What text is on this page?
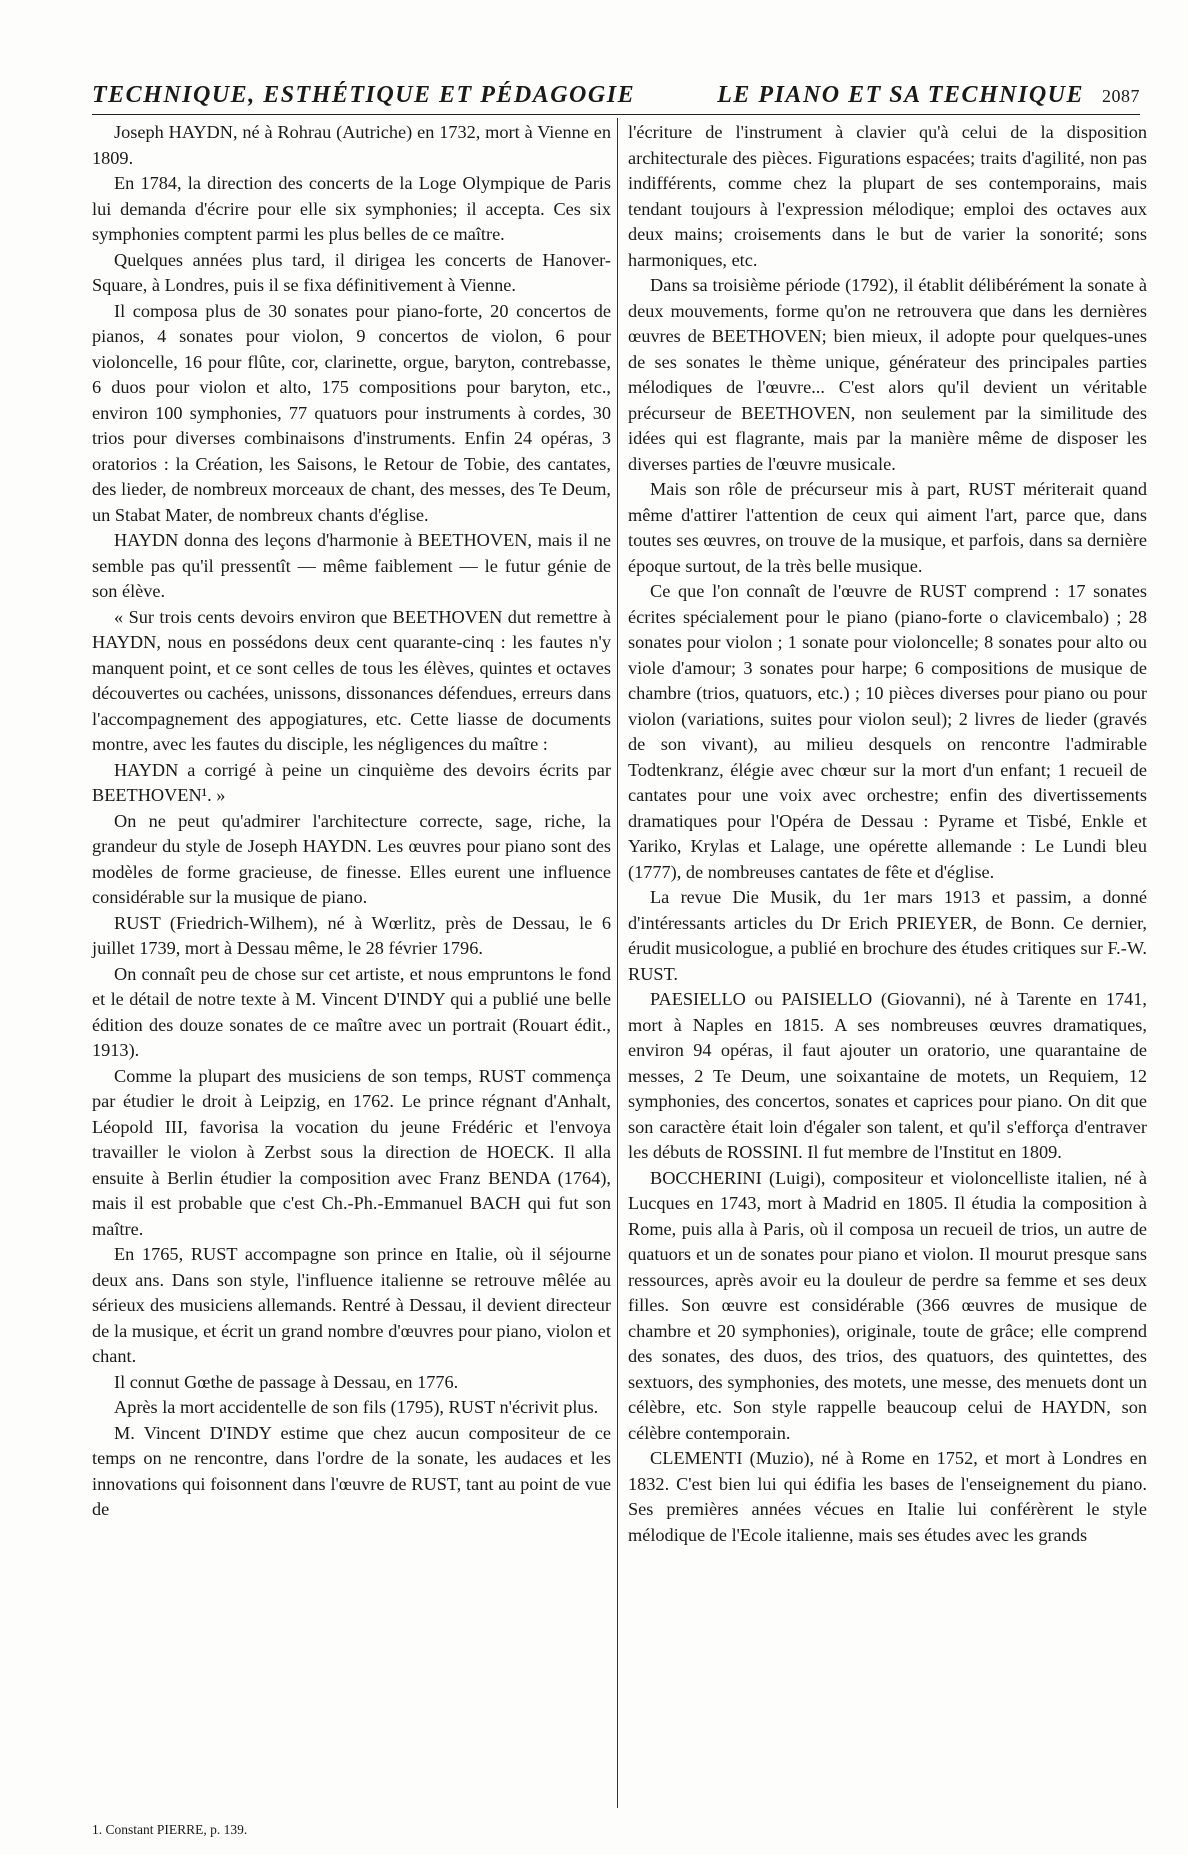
TECHNIQUE, ESTHÉTIQUE ET PÉDAGOGIE	LE PIANO ET SA TECHNIQUE 2087

Joseph HAYDN, né à Rohrau (Autriche) en 1732, mort à Vienne en 1809.

En 1784, la direction des concerts de la Loge Olympique de Paris lui demanda d'écrire pour elle six symphonies; il accepta. Ces six symphonies comptent parmi les plus belles de ce maître.

Quelques années plus tard, il dirigea les concerts de Hanover-Square, à Londres, puis il se fixa définitivement à Vienne.

Il composa plus de 30 sonates pour piano-forte, 20 concertos de pianos, 4 sonates pour violon, 9 concertos de violon, 6 pour violoncelle, 16 pour flûte, cor, clarinette, orgue, baryton, contrebasse, 6 duos pour violon et alto, 175 compositions pour baryton, etc., environ 100 symphonies, 77 quatuors pour instruments à cordes, 30 trios pour diverses combinaisons d'instruments. Enfin 24 opéras, 3 oratorios : la Création, les Saisons, le Retour de Tobie, des cantates, des lieder, de nombreux morceaux de chant, des messes, des Te Deum, un Stabat Mater, de nombreux chants d'église.

HAYDN donna des leçons d'harmonie à BEETHOVEN, mais il ne semble pas qu'il pressentît — même faiblement — le futur génie de son élève.

« Sur trois cents devoirs environ que BEETHOVEN dut remettre à HAYDN, nous en possédons deux cent quarante-cinq : les fautes n'y manquent point, et ce sont celles de tous les élèves, quintes et octaves découvertes ou cachées, unissons, dissonances défendues, erreurs dans l'accompagnement des appogiatures, etc. Cette liasse de documents montre, avec les fautes du disciple, les négligences du maître :

HAYDN a corrigé à peine un cinquième des devoirs écrits par BEETHOVEN¹. »

On ne peut qu'admirer l'architecture correcte, sage, riche, la grandeur du style de Joseph HAYDN. Les œuvres pour piano sont des modèles de forme gracieuse, de finesse. Elles eurent une influence considérable sur la musique de piano.

RUST (Friedrich-Wilhem), né à Wœrlitz, près de Dessau, le 6 juillet 1739, mort à Dessau même, le 28 février 1796.

On connaît peu de chose sur cet artiste, et nous empruntons le fond et le détail de notre texte à M. Vincent D'INDY qui a publié une belle édition des douze sonates de ce maître avec un portrait (Rouart édit., 1913).

Comme la plupart des musiciens de son temps, RUST commença par étudier le droit à Leipzig, en 1762. Le prince régnant d'Anhalt, Léopold III, favorisa la vocation du jeune Frédéric et l'envoya travailler le violon à Zerbst sous la direction de HOECK. Il alla ensuite à Berlin étudier la composition avec Franz BENDA (1764), mais il est probable que c'est Ch.-Ph.-Emmanuel BACH qui fut son maître.

En 1765, RUST accompagne son prince en Italie, où il séjourne deux ans. Dans son style, l'influence italienne se retrouve mêlée au sérieux des musiciens allemands. Rentré à Dessau, il devient directeur de la musique, et écrit un grand nombre d'œuvres pour piano, violon et chant.

Il connut Gœthe de passage à Dessau, en 1776.

Après la mort accidentelle de son fils (1795), RUST n'écrivit plus.

M. Vincent D'INDY estime que chez aucun compositeur de ce temps on ne rencontre, dans l'ordre de la sonate, les audaces et les innovations qui foisonnent dans l'œuvre de RUST, tant au point de vue de

l'écriture de l'instrument à clavier qu'à celui de la disposition architecturale des pièces. Figurations espacées; traits d'agilité, non pas indifférents, comme chez la plupart de ses contemporains, mais tendant toujours à l'expression mélodique; emploi des octaves aux deux mains; croisements dans le but de varier la sonorité; sons harmoniques, etc.

Dans sa troisième période (1792), il établit délibérément la sonate à deux mouvements, forme qu'on ne retrouvera que dans les dernières œuvres de BEETHOVEN; bien mieux, il adopte pour quelques-unes de ses sonates le thème unique, générateur des principales parties mélodiques de l'œuvre... C'est alors qu'il devient un véritable précurseur de BEETHOVEN, non seulement par la similitude des idées qui est flagrante, mais par la manière même de disposer les diverses parties de l'œuvre musicale.

Mais son rôle de précurseur mis à part, RUST mériterait quand même d'attirer l'attention de ceux qui aiment l'art, parce que, dans toutes ses œuvres, on trouve de la musique, et parfois, dans sa dernière époque surtout, de la très belle musique.

Ce que l'on connaît de l'œuvre de RUST comprend : 17 sonates écrites spécialement pour le piano (piano-forte o clavicembalo) ; 28 sonates pour violon ; 1 sonate pour violoncelle; 8 sonates pour alto ou viole d'amour; 3 sonates pour harpe; 6 compositions de musique de chambre (trios, quatuors, etc.) ; 10 pièces diverses pour piano ou pour violon (variations, suites pour violon seul); 2 livres de lieder (gravés de son vivant), au milieu desquels on rencontre l'admirable Todtenkranz, élégie avec chœur sur la mort d'un enfant; 1 recueil de cantates pour une voix avec orchestre; enfin des divertissements dramatiques pour l'Opéra de Dessau : Pyrame et Tisbé, Enkle et Yariko, Krylas et Lalage, une opérette allemande : Le Lundi bleu (1777), de nombreuses cantates de fête et d'église.

La revue Die Musik, du 1er mars 1913 et passim, a donné d'intéressants articles du Dr Erich PRIEYER, de Bonn. Ce dernier, érudit musicologue, a publié en brochure des études critiques sur F.-W. RUST.

PAESIELLO ou PAISIELLO (Giovanni), né à Tarente en 1741, mort à Naples en 1815. A ses nombreuses œuvres dramatiques, environ 94 opéras, il faut ajouter un oratorio, une quarantaine de messes, 2 Te Deum, une soixantaine de motets, un Requiem, 12 symphonies, des concertos, sonates et caprices pour piano. On dit que son caractère était loin d'égaler son talent, et qu'il s'efforça d'entraver les débuts de ROSSINI. Il fut membre de l'Institut en 1809.

BOCCHERINI (Luigi), compositeur et violoncelliste italien, né à Lucques en 1743, mort à Madrid en 1805. Il étudia la composition à Rome, puis alla à Paris, où il composa un recueil de trios, un autre de quatuors et un de sonates pour piano et violon. Il mourut presque sans ressources, après avoir eu la douleur de perdre sa femme et ses deux filles. Son œuvre est considérable (366 œuvres de musique de chambre et 20 symphonies), originale, toute de grâce; elle comprend des sonates, des duos, des trios, des quatuors, des quintettes, des sextuors, des symphonies, des motets, une messe, des menuets dont un célèbre, etc. Son style rappelle beaucoup celui de HAYDN, son célèbre contemporain.

CLEMENTI (Muzio), né à Rome en 1752, et mort à Londres en 1832. C'est bien lui qui édifia les bases de l'enseignement du piano. Ses premières années vécues en Italie lui conférèrent le style mélodique de l'Ecole italienne, mais ses études avec les grands

1. Constant PIERRE, p. 139.
